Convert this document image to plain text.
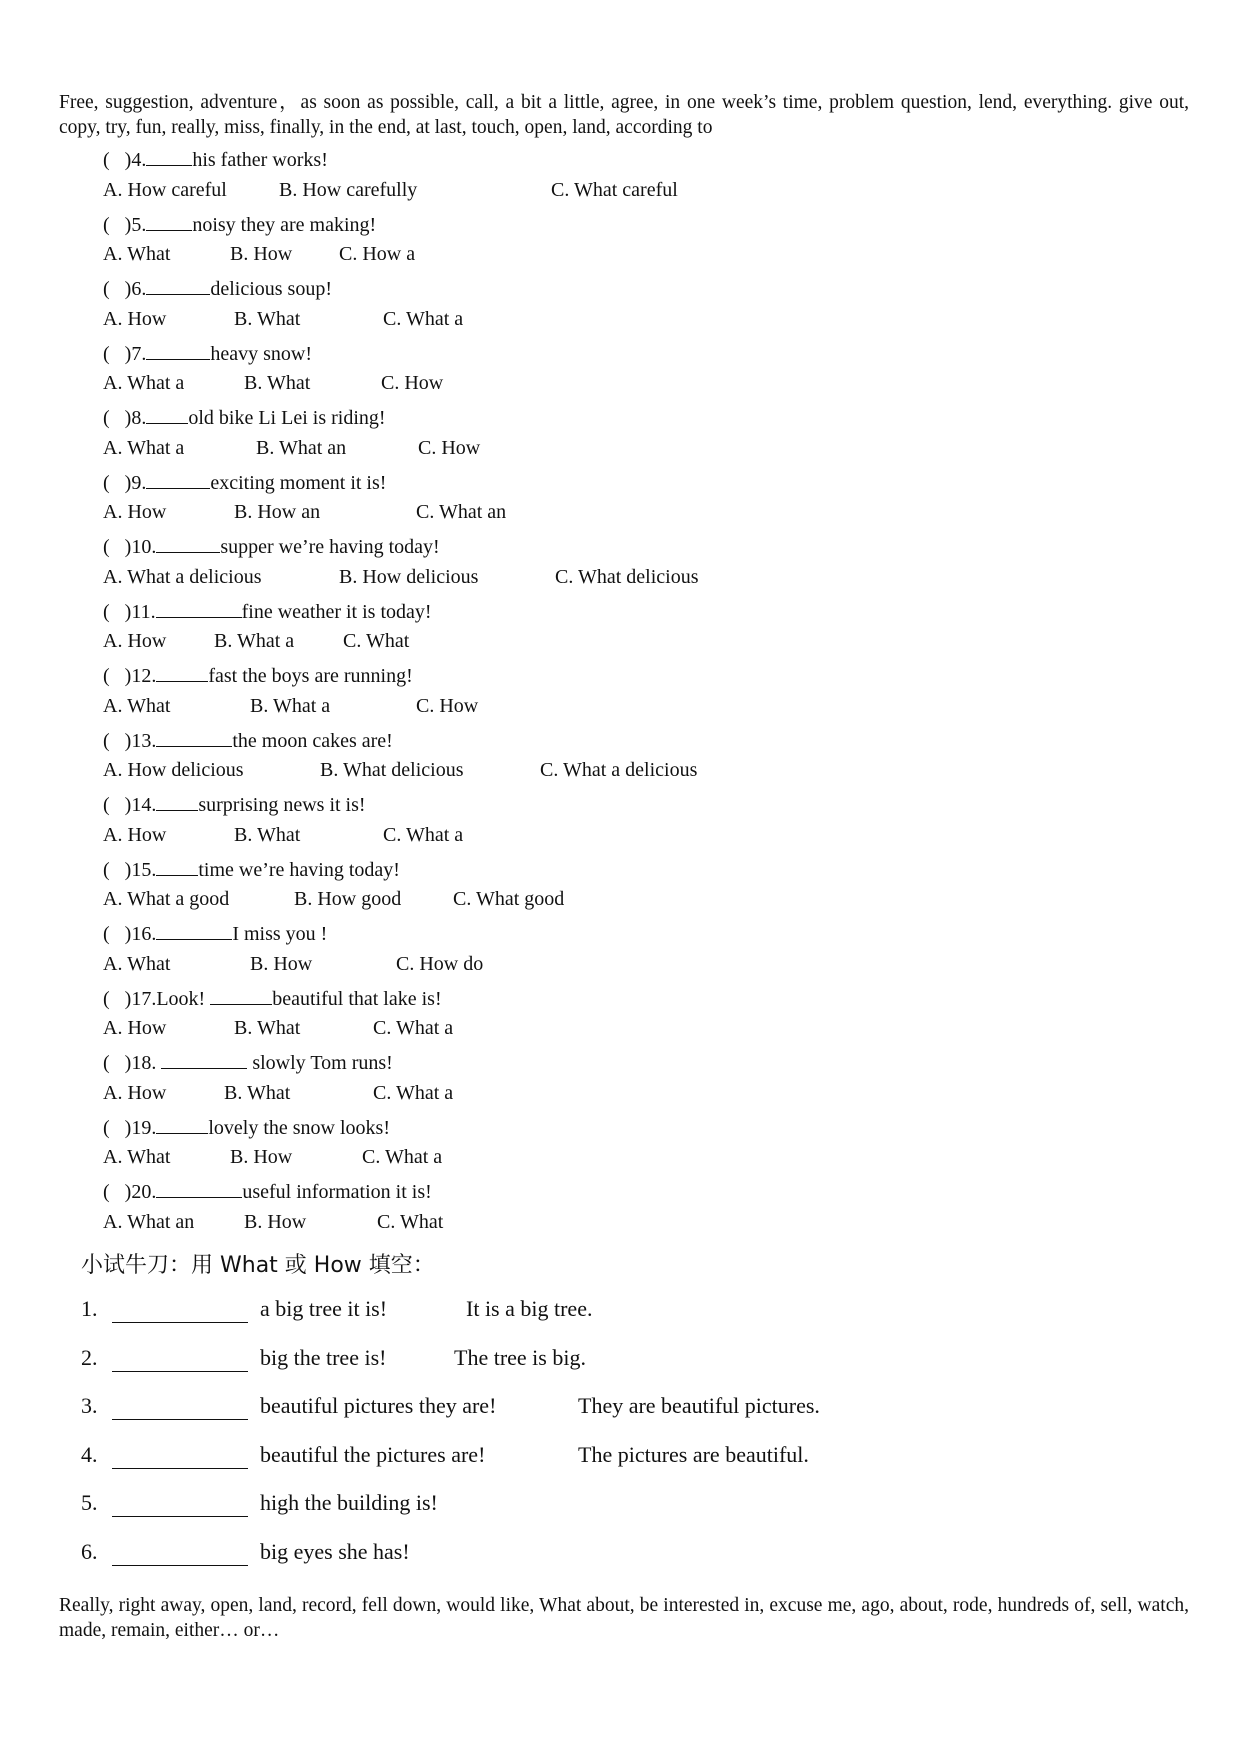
Free, suggestion, adventure，as soon as possible, call, a bit a little, agree, in one week’s time, problem question, lend, everything. give out, copy, try, fun, really, miss, finally, in the end, at last, touch, open, land, according to
( )4. his father works!
A. How careful	B. How carefully	C. What careful
( )5. noisy they are making!
A. What	B. How C. How a
( )6.	delicious soup!
A. How	B. What	C. What a
( )7.	heavy snow!
A. What a	B. What	C. How
( )8. old bike Li Lei is riding!
A. What a	B. What an	C. How
( )9.	exciting moment it is!
A. How	B. How an	C. What an
( )10.	supper we’re having today!
A. What a delicious	B. How delicious	C. What delicious
( )11.	fine weather it is today!
A. How B. What a C. What
( )12.	fast the boys are running!
A. What	B. What a	C. How
( )13.	the moon cakes are!
A. How delicious	B. What delicious	C. What a delicious
( )14. surprising news it is!
A. How	B. What	C. What a
( )15. time we’re having today!
A. What a good	B. How good	C. What good
( )16.	I miss you !
A. What	B. How	C. How do
( )17.Look!	beautiful that lake is!
A. How	B. What	C. What a
( )18.	slowly Tom runs!
A. How	B. What	C. What a
( )19.	lovely the snow looks!
A. What	B. How	C. What a
( )20.	useful information it is!
A. What an B. How	C. What
小试牛刀：用 What 或 How 填空：
1.	a big tree it is!	It is a big tree.
2.	big the tree is!	The tree is big.
3.	beautiful pictures they are!	They are beautiful pictures.
4.	beautiful the pictures are!	The pictures are beautiful.
5.	high the building is!
6.	big eyes she has!
Really, right away, open, land, record, fell down, would like, What about, be interested in, excuse me, ago, about, rode, hundreds of, sell, watch, made, remain, either… or…
